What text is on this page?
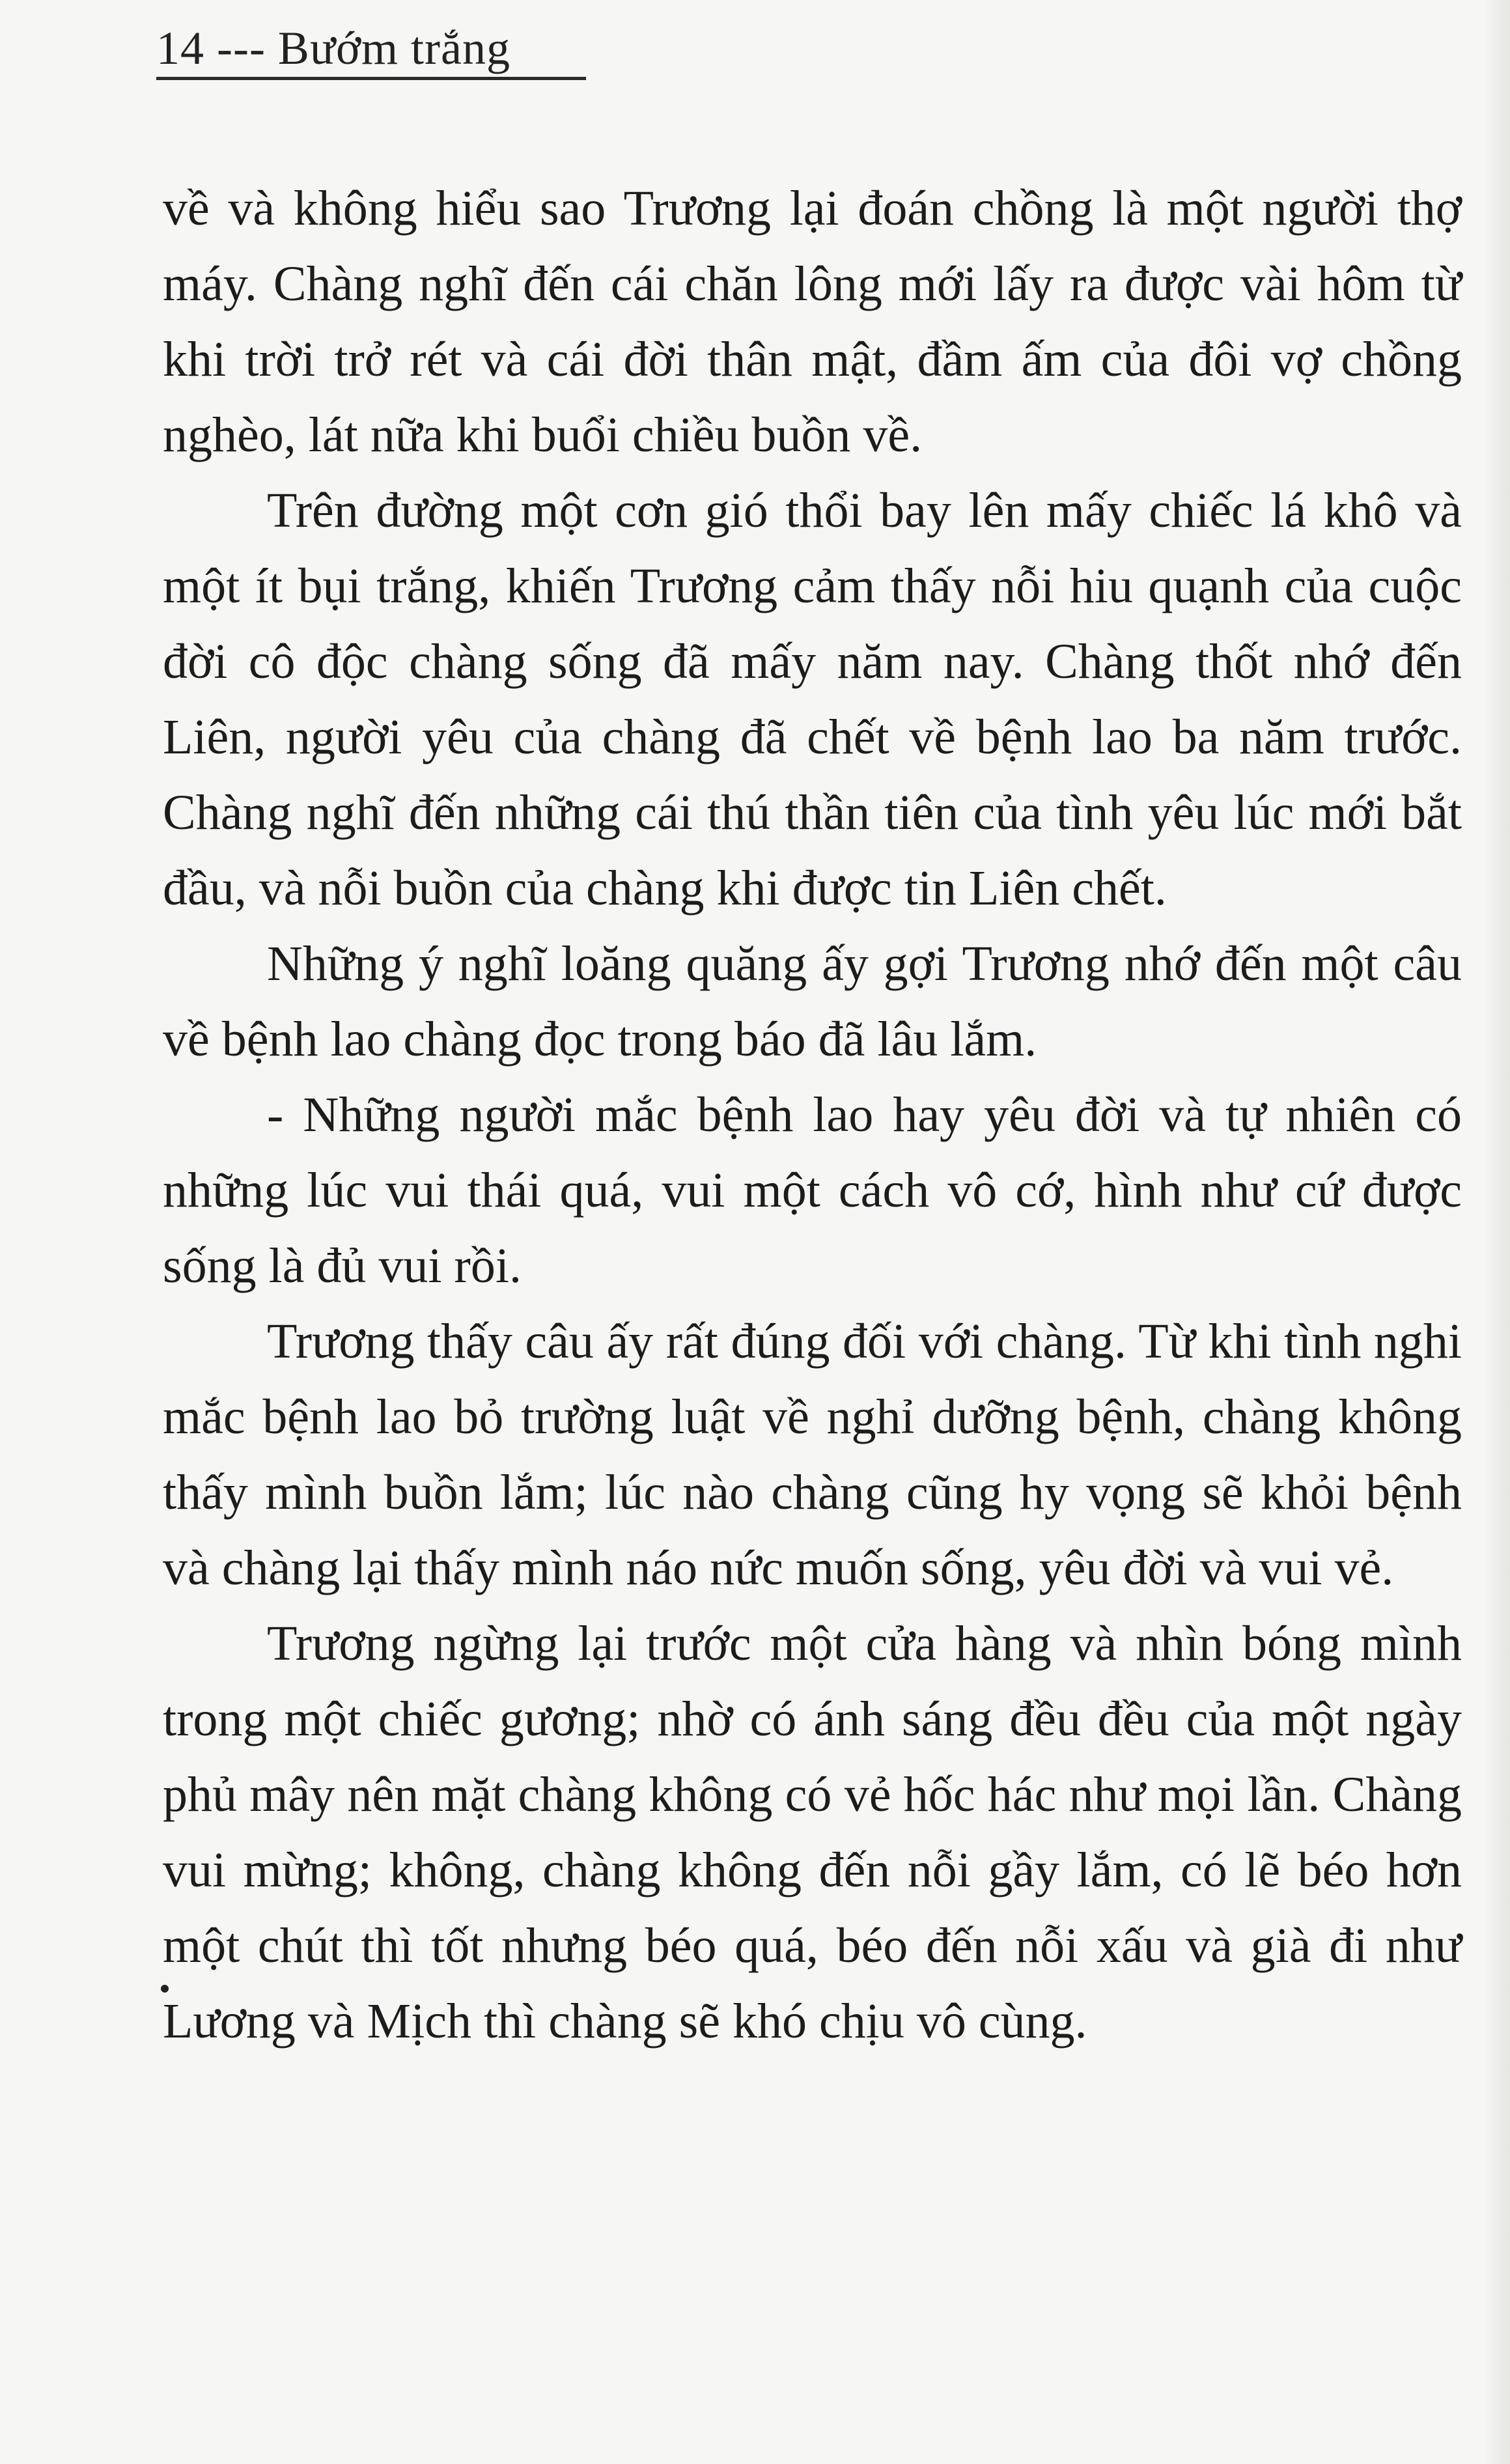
14 --- Bướm trắng

về và không hiểu sao Trương lại đoán chồng là một người thợ máy. Chàng nghĩ đến cái chăn lông mới lấy ra được vài hôm từ khi trời trở rét và cái đời thân mật, đầm ấm của đôi vợ chồng nghèo, lát nữa khi buổi chiều buồn về.

Trên đường một cơn gió thổi bay lên mấy chiếc lá khô và một ít bụi trắng, khiến Trương cảm thấy nỗi hiu quạnh của cuộc đời cô độc chàng sống đã mấy năm nay. Chàng thốt nhớ đến Liên, người yêu của chàng đã chết về bệnh lao ba năm trước. Chàng nghĩ đến những cái thú thần tiên của tình yêu lúc mới bắt đầu, và nỗi buồn của chàng khi được tin Liên chết.

Những ý nghĩ loăng quăng ấy gợi Trương nhớ đến một câu về bệnh lao chàng đọc trong báo đã lâu lắm.

- Những người mắc bệnh lao hay yêu đời và tự nhiên có những lúc vui thái quá, vui một cách vô cớ, hình như cứ được sống là đủ vui rồi.

Trương thấy câu ấy rất đúng đối với chàng. Từ khi tình nghi mắc bệnh lao bỏ trường luật về nghỉ dưỡng bệnh, chàng không thấy mình buồn lắm; lúc nào chàng cũng hy vọng sẽ khỏi bệnh và chàng lại thấy mình náo nức muốn sống, yêu đời và vui vẻ.

Trương ngừng lại trước một cửa hàng và nhìn bóng mình trong một chiếc gương; nhờ có ánh sáng đều đều của một ngày phủ mây nên mặt chàng không có vẻ hốc hác như mọi lần. Chàng vui mừng; không, chàng không đến nỗi gầy lắm, có lẽ béo hơn một chút thì tốt nhưng béo quá, béo đến nỗi xấu và già đi như Lương và Mịch thì chàng sẽ khó chịu vô cùng.
